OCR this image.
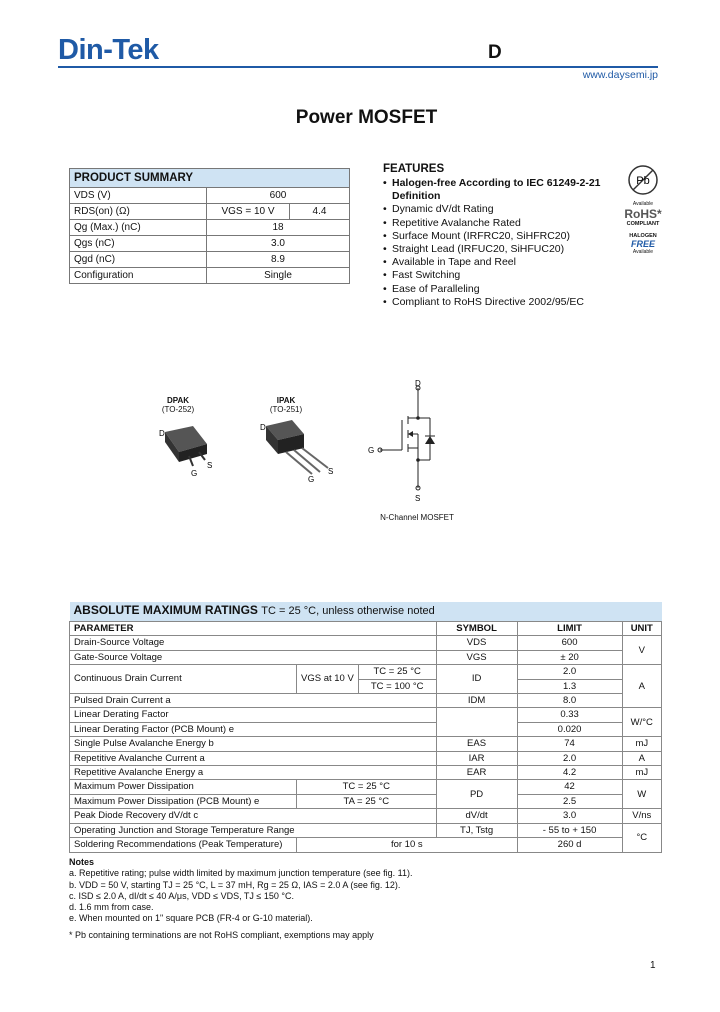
Din-Tek	D
www.daysemi.jp
Power MOSFET
PRODUCT SUMMARY		
VDS (V)	600	
RDS(on) (Ω)	VGS = 10 V	4.4
Qg (Max.) (nC)	18	
Qgs (nC)	3.0	
Qgd (nC)	8.9	
Configuration	Single	
FEATURES
• Halogen-free According to IEC 61249-2-21 Definition
• Dynamic dV/dt Rating
• Repetitive Avalanche Rated
• Surface Mount (IRFRC20, SiHFRC20)
• Straight Lead (IRFUC20, SiHFUC20)
• Available in Tape and Reel
• Fast Switching
• Ease of Paralleling
• Compliant to RoHS Directive 2002/95/EC
Pb
Available
RoHS*
COMPLIANT
HALOGEN
FREE
Available
DPAK
(TO-252)
D
G
S
IPAK
(TO-251)
D
G
S
D
G
S
N-Channel MOSFET
ABSOLUTE MAXIMUM RATINGS TC = 25 °C, unless otherwise noted					
PARAMETER			SYMBOL	LIMIT	UNIT
Drain-Source Voltage			VDS	600	V
Gate-Source Voltage			VGS	± 20	
Continuous Drain Current	VGS at 10 V	TC = 25 °C	ID	2.0	A
		TC = 100 °C		1.3	
Pulsed Drain Current a			IDM	8.0	
Linear Derating Factor				0.33	W/°C
Linear Derating Factor (PCB Mount) e				0.020	
Single Pulse Avalanche Energy b			EAS	74	mJ
Repetitive Avalanche Current a			IAR	2.0	A
Repetitive Avalanche Energy a			EAR	4.2	mJ
Maximum Power Dissipation	TC = 25 °C		PD	42	W
Maximum Power Dissipation (PCB Mount) e	TA = 25 °C			2.5	
Peak Diode Recovery dV/dt c			dV/dt	3.0	V/ns
Operating Junction and Storage Temperature Range			TJ, Tstg	- 55 to + 150	°C
Soldering Recommendations (Peak Temperature)	for 10 s			260 d	
Notes
a. Repetitive rating; pulse width limited by maximum junction temperature (see fig. 11).
b. VDD = 50 V, starting TJ = 25 °C, L = 37 mH, Rg = 25 Ω, IAS = 2.0 A (see fig. 12).
c. ISD ≤ 2.0 A, dI/dt ≤ 40 A/μs, VDD ≤ VDS, TJ ≤ 150 °C.
d. 1.6 mm from case.
e. When mounted on 1" square PCB (FR-4 or G-10 material).
* Pb containing terminations are not RoHS compliant, exemptions may apply
1
